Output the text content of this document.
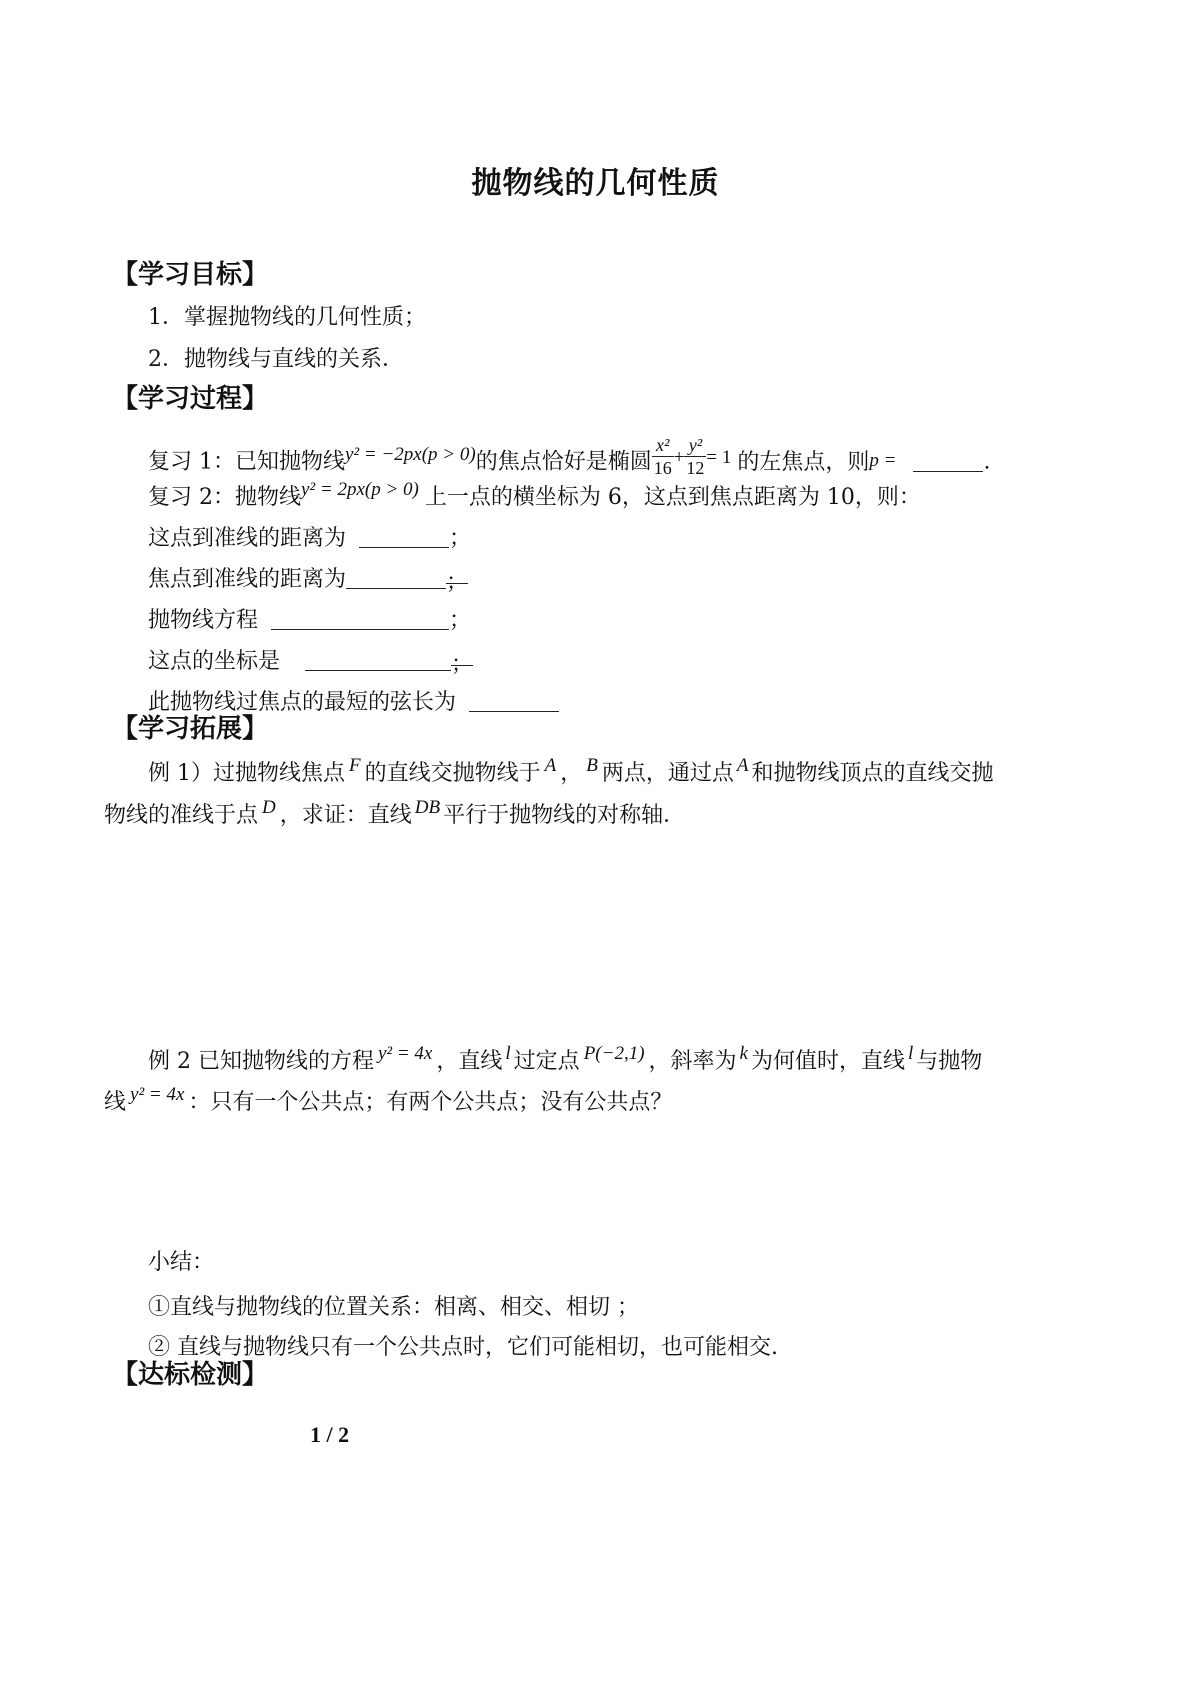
抛物线的几何性质
【学习目标】
1．掌握抛物线的几何性质；
2．抛物线与直线的关系．
【学习过程】
复习 1：已知抛物线y² = −2px(p > 0)的焦点恰好是椭圆 $\frac{\text{x²}}{16} + \frac{\text{y²}}{12} = 1$ 的左焦点，则p =	.
复习 2：抛物线y² = 2px(p > 0) 上一点的横坐标为 6，这点到焦点距离为 10，则：
这点到准线的距离为	；
焦点到准线的距离为	；
抛物线方程	；
这点的坐标是	；
此抛物线过焦点的最短的弦长为
【学习拓展】
例 1）过抛物线焦点 F 的直线交抛物线于 A ， B 两点，通过点 A 和抛物线顶点的直线交抛
物线的准线于点 D ，求证：直线 DB 平行于抛物线的对称轴．
例 2 已知抛物线的方程 y² = 4x ，直线 l 过定点 P(−2,1) ，斜率为 k 为何值时，直线 l 与抛物
线 y² = 4x ：只有一个公共点；有两个公共点；没有公共点？
小结：
①直线与抛物线的位置关系：相离、相交、相切 ；
② 直线与抛物线只有一个公共点时，它们可能相切，也可能相交.
【达标检测】
1 / 2
